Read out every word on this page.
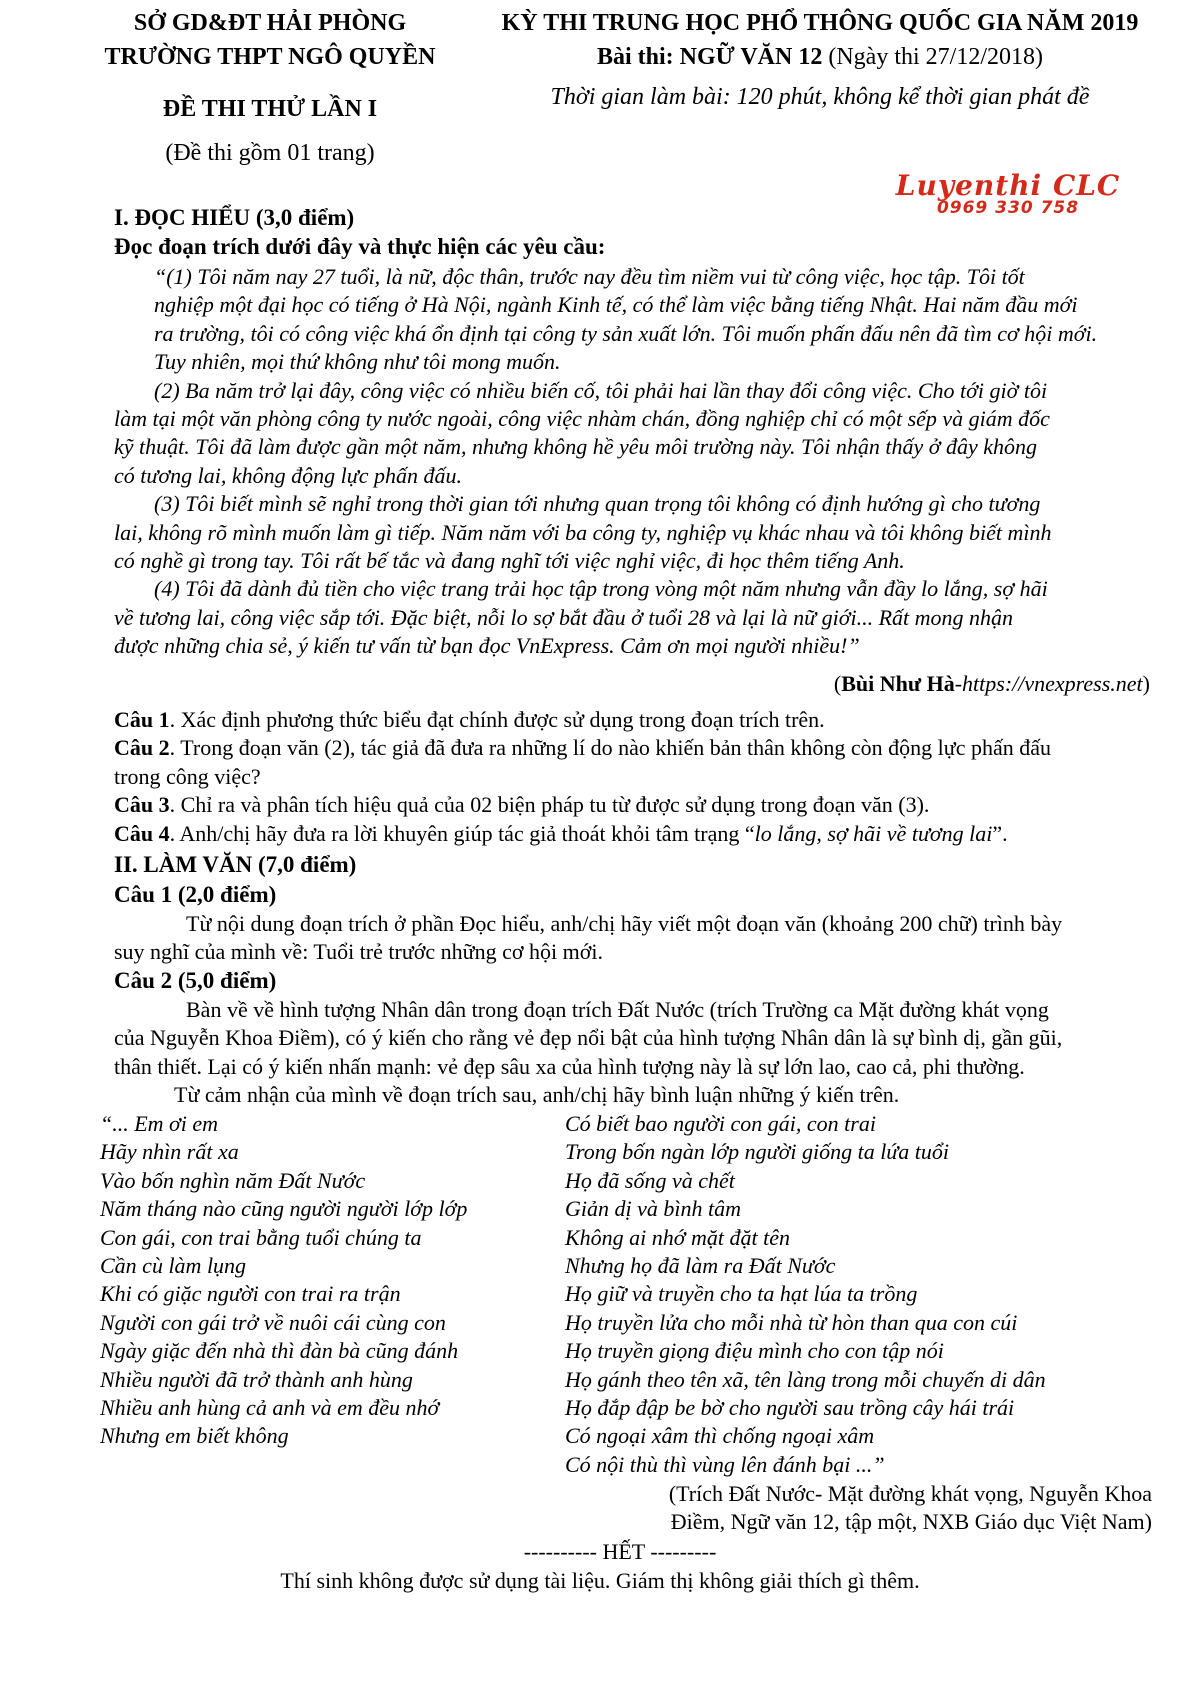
SỞ GD&ĐT HẢI PHÒNG
TRƯỜNG THPT NGÔ QUYỀN
ĐỀ THI THỬ LẦN I
(Đề thi gồm 01 trang)
KỲ THI TRUNG HỌC PHỔ THÔNG QUỐC GIA NĂM 2019
Bài thi: NGỮ VĂN 12 (Ngày thi 27/12/2018)
Thời gian làm bài: 120 phút, không kể thời gian phát đề
Luyenthi CLC
0969 330 758
I. ĐỌC HIỂU (3,0 điểm)
Đọc đoạn trích dưới đây và thực hiện các yêu cầu:
“(1) Tôi năm nay 27 tuổi, là nữ, độc thân, trước nay đều tìm niềm vui từ công việc, học tập. Tôi tốt
nghiệp một đại học có tiếng ở Hà Nội, ngành Kinh tế, có thể làm việc bằng tiếng Nhật. Hai năm đầu mới
ra trường, tôi có công việc khá ổn định tại công ty sản xuất lớn. Tôi muốn phấn đấu nên đã tìm cơ hội mới.
Tuy nhiên, mọi thứ không như tôi mong muốn.
(2) Ba năm trở lại đây, công việc có nhiều biến cố, tôi phải hai lần thay đổi công việc. Cho tới giờ tôi
làm tại một văn phòng công ty nước ngoài, công việc nhàm chán, đồng nghiệp chỉ có một sếp và giám đốc
kỹ thuật. Tôi đã làm được gần một năm, nhưng không hề yêu môi trường này. Tôi nhận thấy ở đây không
có tương lai, không động lực phấn đấu.
(3) Tôi biết mình sẽ nghỉ trong thời gian tới nhưng quan trọng tôi không có định hướng gì cho tương
lai, không rõ mình muốn làm gì tiếp. Năm năm với ba công ty, nghiệp vụ khác nhau và tôi không biết mình
có nghề gì trong tay. Tôi rất bế tắc và đang nghĩ tới việc nghỉ việc, đi học thêm tiếng Anh.
(4) Tôi đã dành đủ tiền cho việc trang trải học tập trong vòng một năm nhưng vẫn đầy lo lắng, sợ hãi
về tương lai, công việc sắp tới. Đặc biệt, nỗi lo sợ bắt đầu ở tuổi 28 và lại là nữ giới... Rất mong nhận
được những chia sẻ, ý kiến tư vấn từ bạn đọc VnExpress. Cảm ơn mọi người nhiều!”
(Bùi Như Hà-https://vnexpress.net)
Câu 1. Xác định phương thức biểu đạt chính được sử dụng trong đoạn trích trên.
Câu 2. Trong đoạn văn (2), tác giả đã đưa ra những lí do nào khiến bản thân không còn động lực phấn đấu
trong công việc?
Câu 3. Chỉ ra và phân tích hiệu quả của 02 biện pháp tu từ được sử dụng trong đoạn văn (3).
Câu 4. Anh/chị hãy đưa ra lời khuyên giúp tác giả thoát khỏi tâm trạng “lo lắng, sợ hãi về tương lai”.
II. LÀM VĂN (7,0 điểm)
Câu 1 (2,0 điểm)
Từ nội dung đoạn trích ở phần Đọc hiểu, anh/chị hãy viết một đoạn văn (khoảng 200 chữ) trình bày
suy nghĩ của mình về: Tuổi trẻ trước những cơ hội mới.
Câu 2 (5,0 điểm)
Bàn về về hình tượng Nhân dân trong đoạn trích Đất Nước (trích Trường ca Mặt đường khát vọng
của Nguyễn Khoa Điềm), có ý kiến cho rằng vẻ đẹp nổi bật của hình tượng Nhân dân là sự bình dị, gần gũi,
thân thiết. Lại có ý kiến nhấn mạnh: vẻ đẹp sâu xa của hình tượng này là sự lớn lao, cao cả, phi thường.
Từ cảm nhận của mình về đoạn trích sau, anh/chị hãy bình luận những ý kiến trên.
“... Em ơi em
Hãy nhìn rất xa
Vào bốn nghìn năm Đất Nước
Năm tháng nào cũng người người lớp lớp
Con gái, con trai bằng tuổi chúng ta
Cần cù làm lụng
Khi có giặc người con trai ra trận
Người con gái trở về nuôi cái cùng con
Ngày giặc đến nhà thì đàn bà cũng đánh
Nhiều người đã trở thành anh hùng
Nhiều anh hùng cả anh và em đều nhớ
Nhưng em biết không
Có biết bao người con gái, con trai
Trong bốn ngàn lớp người giống ta lứa tuổi
Họ đã sống và chết
Giản dị và bình tâm
Không ai nhớ mặt đặt tên
Nhưng họ đã làm ra Đất Nước
Họ giữ và truyền cho ta hạt lúa ta trồng
Họ truyền lửa cho mỗi nhà từ hòn than qua con cúi
Họ truyền giọng điệu mình cho con tập nói
Họ gánh theo tên xã, tên làng trong mỗi chuyến di dân
Họ đắp đập be bờ cho người sau trồng cây hái trái
Có ngoại xâm thì chống ngoại xâm
Có nội thù thì vùng lên đánh bại ...”
(Trích Đất Nước- Mặt đường khát vọng, Nguyễn Khoa
Điềm, Ngữ văn 12, tập một, NXB Giáo dục Việt Nam)
---------- HẾT ---------
Thí sinh không được sử dụng tài liệu. Giám thị không giải thích gì thêm.
